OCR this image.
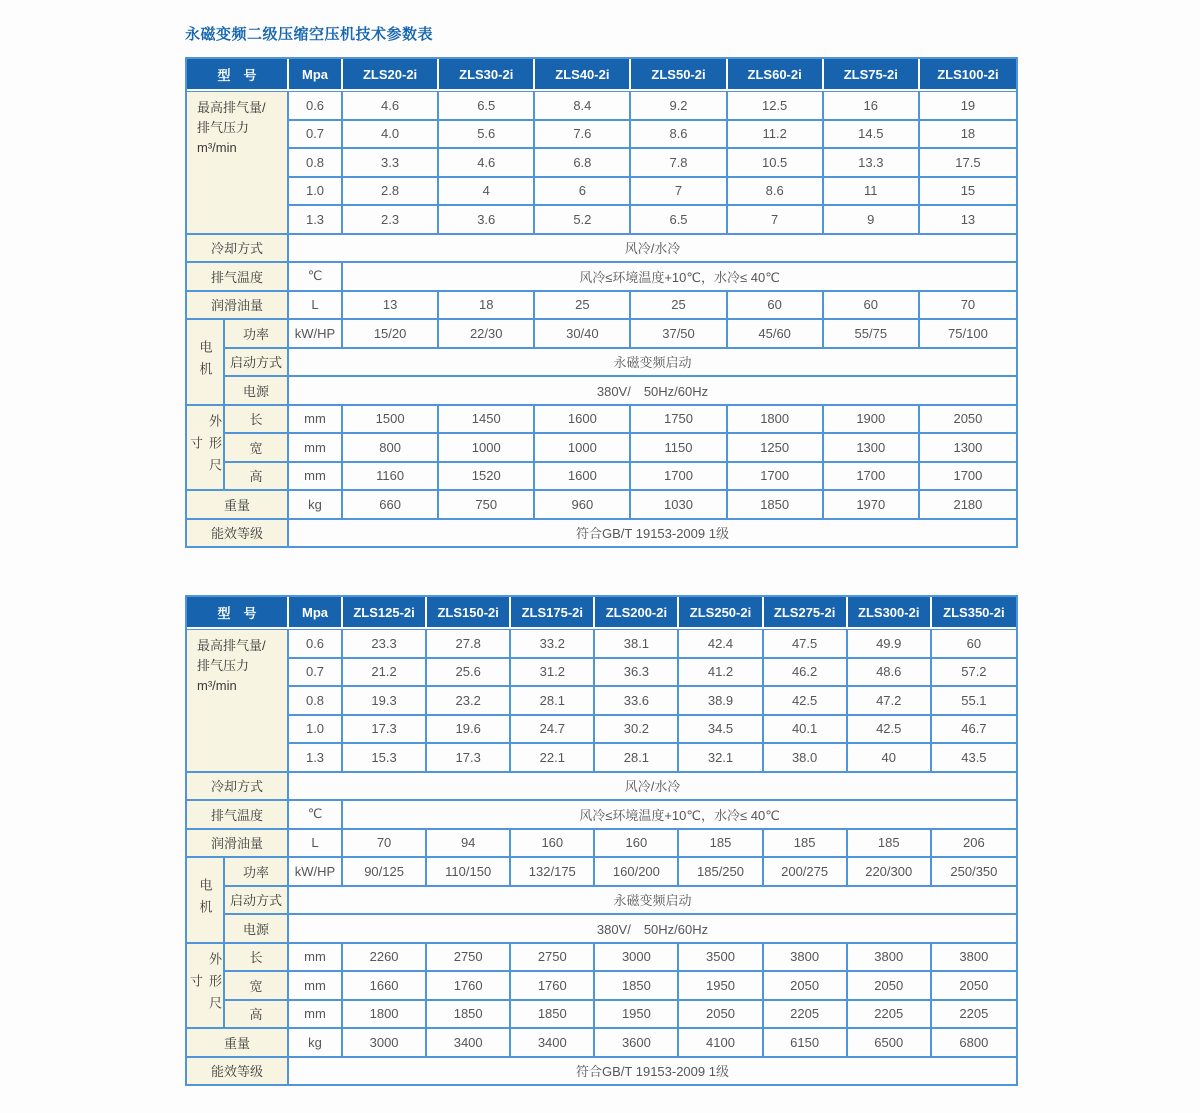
永磁变频二级压缩空压机技术参数表
型　号		Mpa	ZLS20-2i	ZLS30-2i	ZLS40-2i	ZLS50-2i	ZLS60-2i	ZLS75-2i	ZLS100-2i
最高排气量/
排气压力
m³/min		0.6	4.6	6.5	8.4	9.2	12.5	16	19
		0.7	4.0	5.6	7.6	8.6	11.2	14.5	18
		0.8	3.3	4.6	6.8	7.8	10.5	13.3	17.5
		1.0	2.8	4	6	7	8.6	11	15
		1.3	2.3	3.6	5.2	6.5	7	9	13
冷却方式		风冷/水冷							
排气温度		℃	风冷≤环境温度+10℃，水冷≤ 40℃						
润滑油量		L	13	18	25	25	60	60	70
电机	功率	kW/HP	15/20	22/30	30/40	37/50	45/60	55/75	75/100
	启动方式	永磁变频启动							
	电源	380V/　50Hz/60Hz							
外形尺寸	长	mm	1500	1450	1600	1750	1800	1900	2050
	宽	mm	800	1000	1000	1150	1250	1300	1300
	高	mm	1160	1520	1600	1700	1700	1700	1700
重量		kg	660	750	960	1030	1850	1970	2180
能效等级		符合GB/T 19153-2009 1级							
型　号		Mpa	ZLS125-2i	ZLS150-2i	ZLS175-2i	ZLS200-2i	ZLS250-2i	ZLS275-2i	ZLS300-2i	ZLS350-2i
最高排气量/
排气压力
m³/min		0.6	23.3	27.8	33.2	38.1	42.4	47.5	49.9	60
		0.7	21.2	25.6	31.2	36.3	41.2	46.2	48.6	57.2
		0.8	19.3	23.2	28.1	33.6	38.9	42.5	47.2	55.1
		1.0	17.3	19.6	24.7	30.2	34.5	40.1	42.5	46.7
		1.3	15.3	17.3	22.1	28.1	32.1	38.0	40	43.5
冷却方式		风冷/水冷								
排气温度		℃	风冷≤环境温度+10℃，水冷≤ 40℃							
润滑油量		L	70	94	160	160	185	185	185	206
电机	功率	kW/HP	90/125	110/150	132/175	160/200	185/250	200/275	220/300	250/350
	启动方式	永磁变频启动								
	电源	380V/　50Hz/60Hz								
外形尺寸	长	mm	2260	2750	2750	3000	3500	3800	3800	3800
	宽	mm	1660	1760	1760	1850	1950	2050	2050	2050
	高	mm	1800	1850	1850	1950	2050	2205	2205	2205
重量		kg	3000	3400	3400	3600	4100	6150	6500	6800
能效等级		符合GB/T 19153-2009 1级								
